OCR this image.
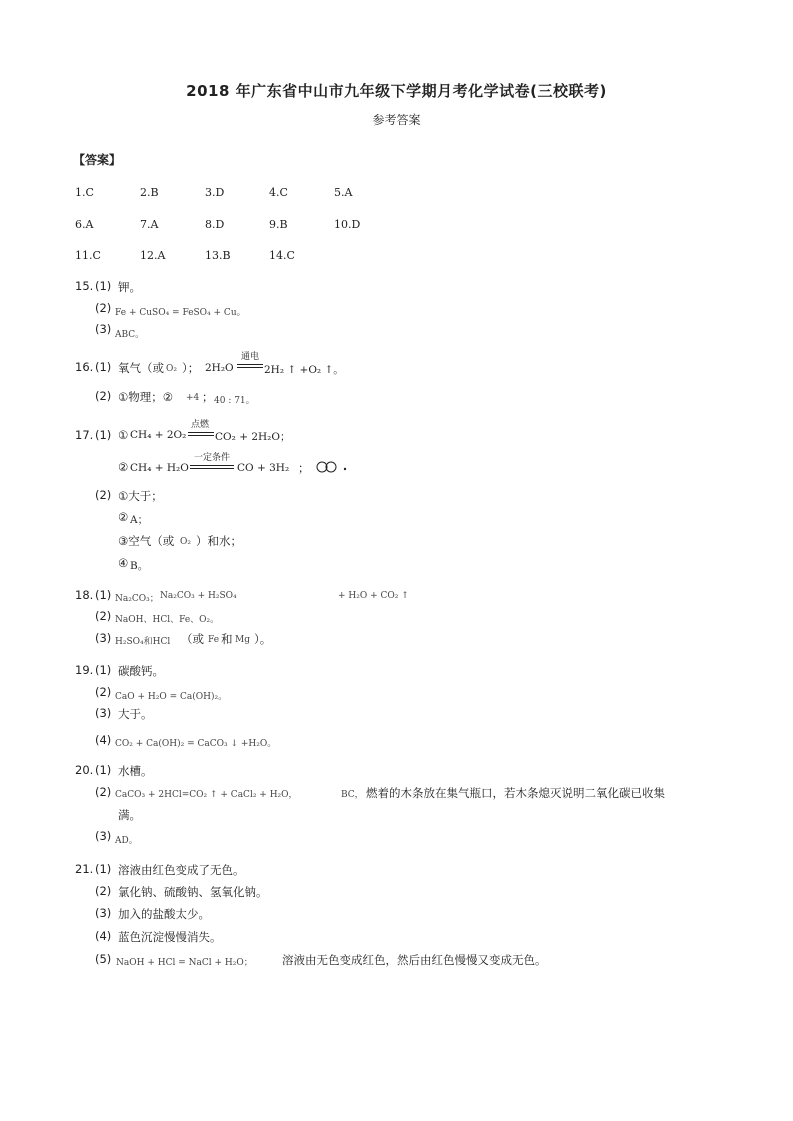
2018 年广东省中山市九年级下学期月考化学试卷(三校联考)
参考答案
【答案】
1.C	2.B	3.D	4.C	5.A
6.A	7.A	8.D	9.B	10.D
11.C	12.A	13.B	14.C
15. (1) 钾。
(2) Fe + CuSO₄ = FeSO₄ + Cu。
(3) ABC。
16. (1) 氧气（或 O₂ ）； 2H₂O
通电
2H₂ ↑ +O₂ ↑。
(2) ①物理；② +4 ； 40 : 71。
17. (1) ① CH₄ + 2O₂
点燃
CO₂ + 2H₂O；
② CH₄ + H₂O
一定条件
CO + 3H₂ ；
(2) ①大于；
② A；
③空气（或 O₂ ）和水；
④ B。
18. (1) Na₂CO₃； Na₂CO₃ + H₂SO₄	+ H₂O + CO₂ ↑
(2) NaOH、HCl、Fe、O₂。
(3) H₂SO₄和HCl （或 Fe 和 Mg ）。
19. (1) 碳酸钙。
(2) CaO + H₂O = Ca(OH)₂。
(3) 大于。
(4) CO₂ + Ca(OH)₂ = CaCO₃ ↓ +H₂O。
20. (1) 水槽。
(2) CaCO₃ + 2HCl=CO₂ ↑ + CaCl₂ + H₂O，	BC， 燃着的木条放在集气瓶口，若木条熄灭说明二氧化碳已收集
满。
(3) AD。
21. (1) 溶液由红色变成了无色。
(2) 氯化钠、硫酸钠、氢氧化钠。
(3) 加入的盐酸太少。
(4) 蓝色沉淀慢慢消失。
(5) NaOH + HCl = NaCl + H₂O；	溶液由无色变成红色，然后由红色慢慢又变成无色。
